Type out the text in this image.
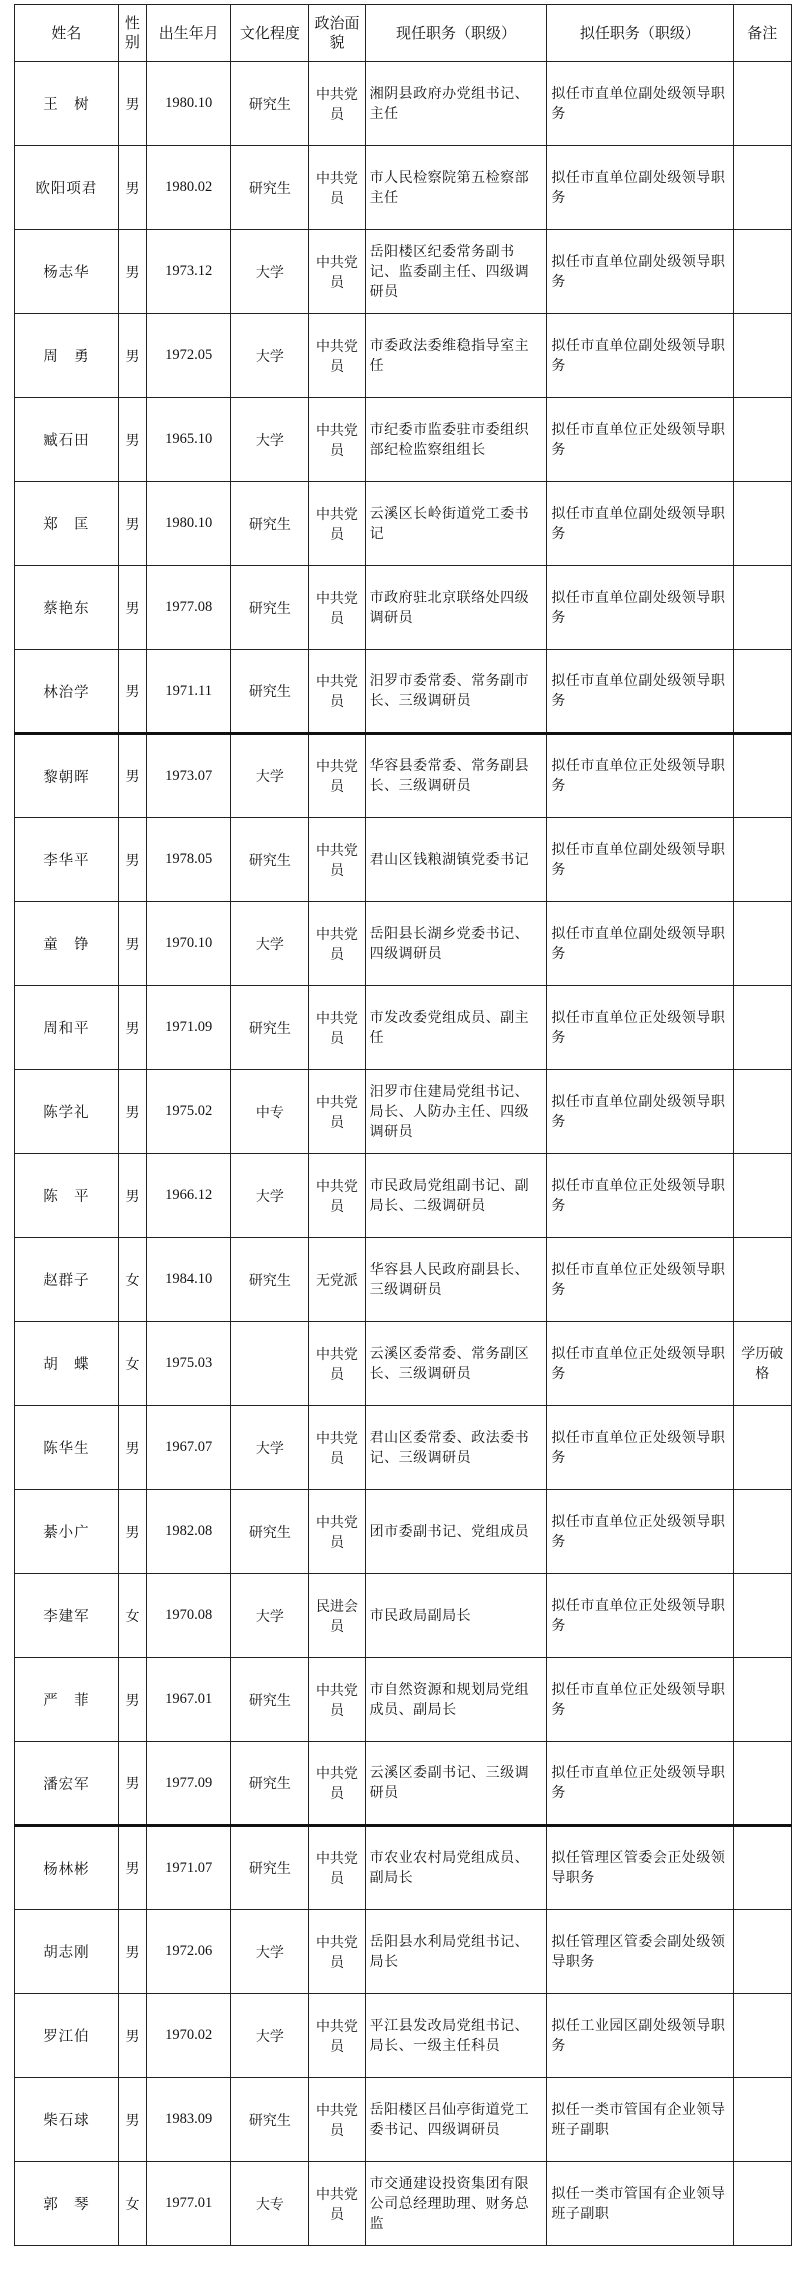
姓名	性别	出生年月	文化程度	政治面貌	现任职务（职级）	拟任职务（职级）	备注
王　树	男	1980.10	研究生	中共党员	湘阴县政府办党组书记、主任	拟任市直单位副处级领导职务	
欧阳项君	男	1980.02	研究生	中共党员	市人民检察院第五检察部主任	拟任市直单位副处级领导职务	
杨志华	男	1973.12	大学	中共党员	岳阳楼区纪委常务副书记、监委副主任、四级调研员	拟任市直单位副处级领导职务	
周　勇	男	1972.05	大学	中共党员	市委政法委维稳指导室主任	拟任市直单位副处级领导职务	
臧石田	男	1965.10	大学	中共党员	市纪委市监委驻市委组织部纪检监察组组长	拟任市直单位正处级领导职务	
郑　匡	男	1980.10	研究生	中共党员	云溪区长岭街道党工委书记	拟任市直单位副处级领导职务	
蔡艳东	男	1977.08	研究生	中共党员	市政府驻北京联络处四级调研员	拟任市直单位副处级领导职务	
林治学	男	1971.11	研究生	中共党员	汨罗市委常委、常务副市长、三级调研员	拟任市直单位副处级领导职务	
黎朝晖	男	1973.07	大学	中共党员	华容县委常委、常务副县长、三级调研员	拟任市直单位正处级领导职务	
李华平	男	1978.05	研究生	中共党员	君山区钱粮湖镇党委书记	拟任市直单位副处级领导职务	
童　铮	男	1970.10	大学	中共党员	岳阳县长湖乡党委书记、四级调研员	拟任市直单位副处级领导职务	
周和平	男	1971.09	研究生	中共党员	市发改委党组成员、副主任	拟任市直单位正处级领导职务	
陈学礼	男	1975.02	中专	中共党员	汨罗市住建局党组书记、局长、人防办主任、四级调研员	拟任市直单位副处级领导职务	
陈　平	男	1966.12	大学	中共党员	市民政局党组副书记、副局长、二级调研员	拟任市直单位正处级领导职务	
赵群子	女	1984.10	研究生	无党派	华容县人民政府副县长、三级调研员	拟任市直单位正处级领导职务	
胡　蝶	女	1975.03		中共党员	云溪区委常委、常务副区长、三级调研员	拟任市直单位正处级领导职务	学历破格
陈华生	男	1967.07	大学	中共党员	君山区委常委、政法委书记、三级调研员	拟任市直单位正处级领导职务	
綦小广	男	1982.08	研究生	中共党员	团市委副书记、党组成员	拟任市直单位正处级领导职务	
李建军	女	1970.08	大学	民进会员	市民政局副局长	拟任市直单位正处级领导职务	
严　菲	男	1967.01	研究生	中共党员	市自然资源和规划局党组成员、副局长	拟任市直单位正处级领导职务	
潘宏军	男	1977.09	研究生	中共党员	云溪区委副书记、三级调研员	拟任市直单位正处级领导职务	
杨林彬	男	1971.07	研究生	中共党员	市农业农村局党组成员、副局长	拟任管理区管委会正处级领导职务	
胡志刚	男	1972.06	大学	中共党员	岳阳县水利局党组书记、局长	拟任管理区管委会副处级领导职务	
罗江伯	男	1970.02	大学	中共党员	平江县发改局党组书记、局长、一级主任科员	拟任工业园区副处级领导职务	
柴石球	男	1983.09	研究生	中共党员	岳阳楼区吕仙亭街道党工委书记、四级调研员	拟任一类市管国有企业领导班子副职	
郭　琴	女	1977.01	大专	中共党员	市交通建设投资集团有限公司总经理助理、财务总监	拟任一类市管国有企业领导班子副职	
